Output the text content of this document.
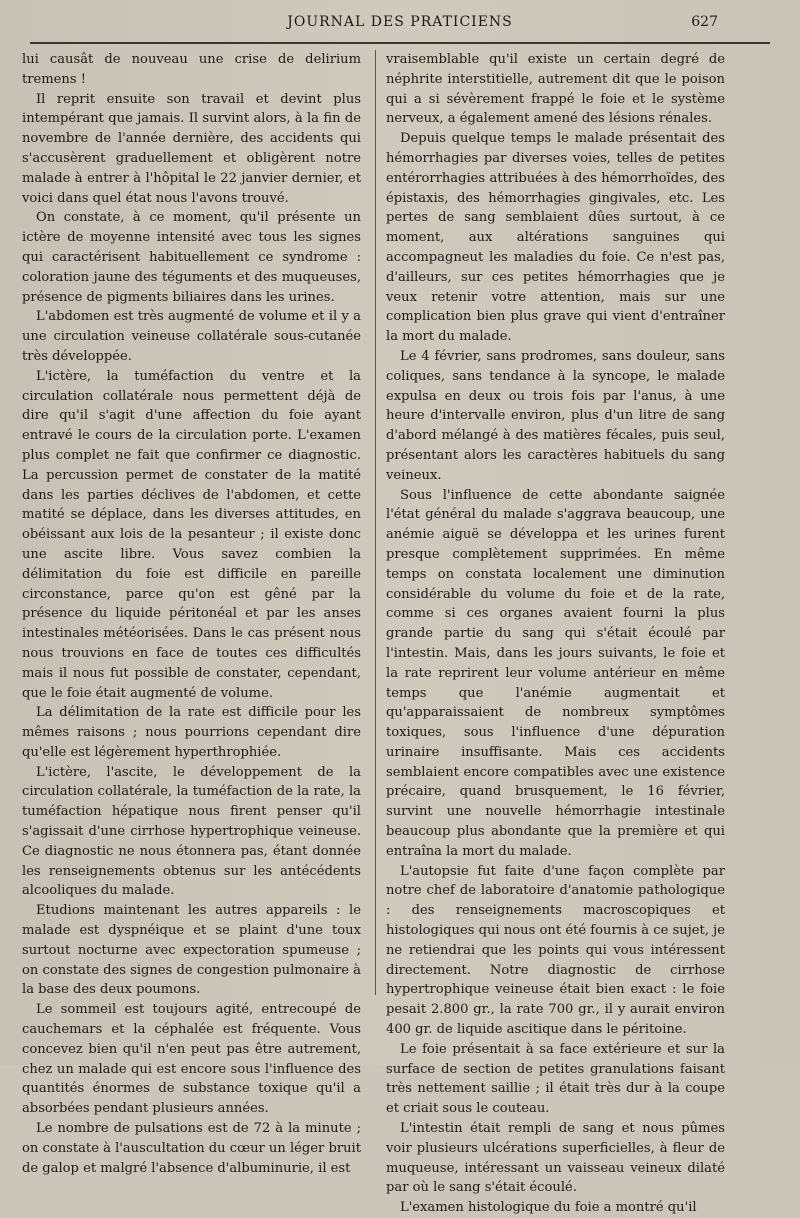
JOURNAL DES PRATICIENS	627

lui causât de nouveau une crise de delirium tremens !

Il reprit ensuite son travail et devint plus intempérant que jamais. Il survint alors, à la fin de novembre de l'année dernière, des accidents qui s'accusèrent graduellement et obligèrent notre malade à entrer à l'hôpital le 22 janvier dernier, et voici dans quel état nous l'avons trouvé.

On constate, à ce moment, qu'il présente un ictère de moyenne intensité avec tous les signes qui caractérisent habituellement ce syndrome : coloration jaune des téguments et des muqueuses, présence de pigments biliaires dans les urines.

L'abdomen est très augmenté de volume et il y a une circulation veineuse collatérale sous-cutanée très développée.

L'ictère, la tuméfaction du ventre et la circulation collatérale nous permettent déjà de dire qu'il s'agit d'une affection du foie ayant entravé le cours de la circulation porte. L'examen plus complet ne fait que confirmer ce diagnostic. La percussion permet de constater de la matité dans les parties déclives de l'abdomen, et cette matité se déplace, dans les diverses attitudes, en obéissant aux lois de la pesanteur ; il existe donc une ascite libre. Vous savez combien la délimitation du foie est difficile en pareille circonstance, parce qu'on est gêné par la présence du liquide péritonéal et par les anses intestinales météorisées. Dans le cas présent nous nous trouvions en face de toutes ces difficultés mais il nous fut possible de constater, cependant, que le foie était augmenté de volume.

La délimitation de la rate est difficile pour les mêmes raisons ; nous pourrions cependant dire qu'elle est légèrement hyperthrophiée.

L'ictère, l'ascite, le développement de la circulation collatérale, la tuméfaction de la rate, la tuméfaction hépatique nous firent penser qu'il s'agissait d'une cirrhose hypertrophique veineuse. Ce diagnostic ne nous étonnera pas, étant donnée les renseignements obtenus sur les antécédents alcooliques du malade.

Etudions maintenant les autres appareils : le malade est dyspnéique et se plaint d'une toux surtout nocturne avec expectoration spumeuse ; on constate des signes de congestion pulmonaire à la base des deux poumons.

Le sommeil est toujours agité, entrecoupé de cauchemars et la céphalée est fréquente. Vous concevez bien qu'il n'en peut pas être autrement, chez un malade qui est encore sous l'influence des quantités énormes de substance toxique qu'il a absorbées pendant plusieurs années.

Le nombre de pulsations est de 72 à la minute ; on constate à l'auscultation du cœur un léger bruit de galop et malgré l'absence d'albuminurie, il est

vraisemblable qu'il existe un certain degré de néphrite interstitielle, autrement dit que le poison qui a si sévèrement frappé le foie et le système nerveux, a également amené des lésions rénales.

Depuis quelque temps le malade présentait des hémorrhagies par diverses voies, telles de petites entérorrhagies attribuées à des hémorrhoïdes, des épistaxis, des hémorrhagies gingivales, etc. Les pertes de sang semblaient dûes surtout, à ce moment, aux altérations sanguines qui accompagneut les maladies du foie. Ce n'est pas, d'ailleurs, sur ces petites hémorrhagies que je veux retenir votre attention, mais sur une complication bien plus grave qui vient d'entraîner la mort du malade.

Le 4 février, sans prodromes, sans douleur, sans coliques, sans tendance à la syncope, le malade expulsa en deux ou trois fois par l'anus, à une heure d'intervalle environ, plus d'un litre de sang d'abord mélangé à des matières fécales, puis seul, présentant alors les caractères habituels du sang veineux.

Sous l'influence de cette abondante saignée l'état général du malade s'aggrava beaucoup, une anémie aiguë se développa et les urines furent presque complètement supprimées. En même temps on constata localement une diminution considérable du volume du foie et de la rate, comme si ces organes avaient fourni la plus grande partie du sang qui s'était écoulé par l'intestin. Mais, dans les jours suivants, le foie et la rate reprirent leur volume antérieur en même temps que l'anémie augmentait et qu'apparaissaient de nombreux symptômes toxiques, sous l'influence d'une dépuration urinaire insuffisante. Mais ces accidents semblaient encore compatibles avec une existence précaire, quand brusquement, le 16 février, survint une nouvelle hémorrhagie intestinale beaucoup plus abondante que la première et qui entraîna la mort du malade.

L'autopsie fut faite d'une façon complète par notre chef de laboratoire d'anatomie pathologique : des renseignements macroscopiques et histologiques qui nous ont été fournis à ce sujet, je ne retiendrai que les points qui vous intéressent directement. Notre diagnostic de cirrhose hypertrophique veineuse était bien exact : le foie pesait 2.800 gr., la rate 700 gr., il y aurait environ 400 gr. de liquide ascitique dans le péritoine.

Le foie présentait à sa face extérieure et sur la surface de section de petites granulations faisant très nettement saillie ; il était très dur à la coupe et criait sous le couteau.

L'intestin était rempli de sang et nous pûmes voir plusieurs ulcérations superficielles, à fleur de muqueuse, intéressant un vaisseau veineux dilaté par où le sang s'était écoulé.

L'examen histologique du foie a montré qu'il
